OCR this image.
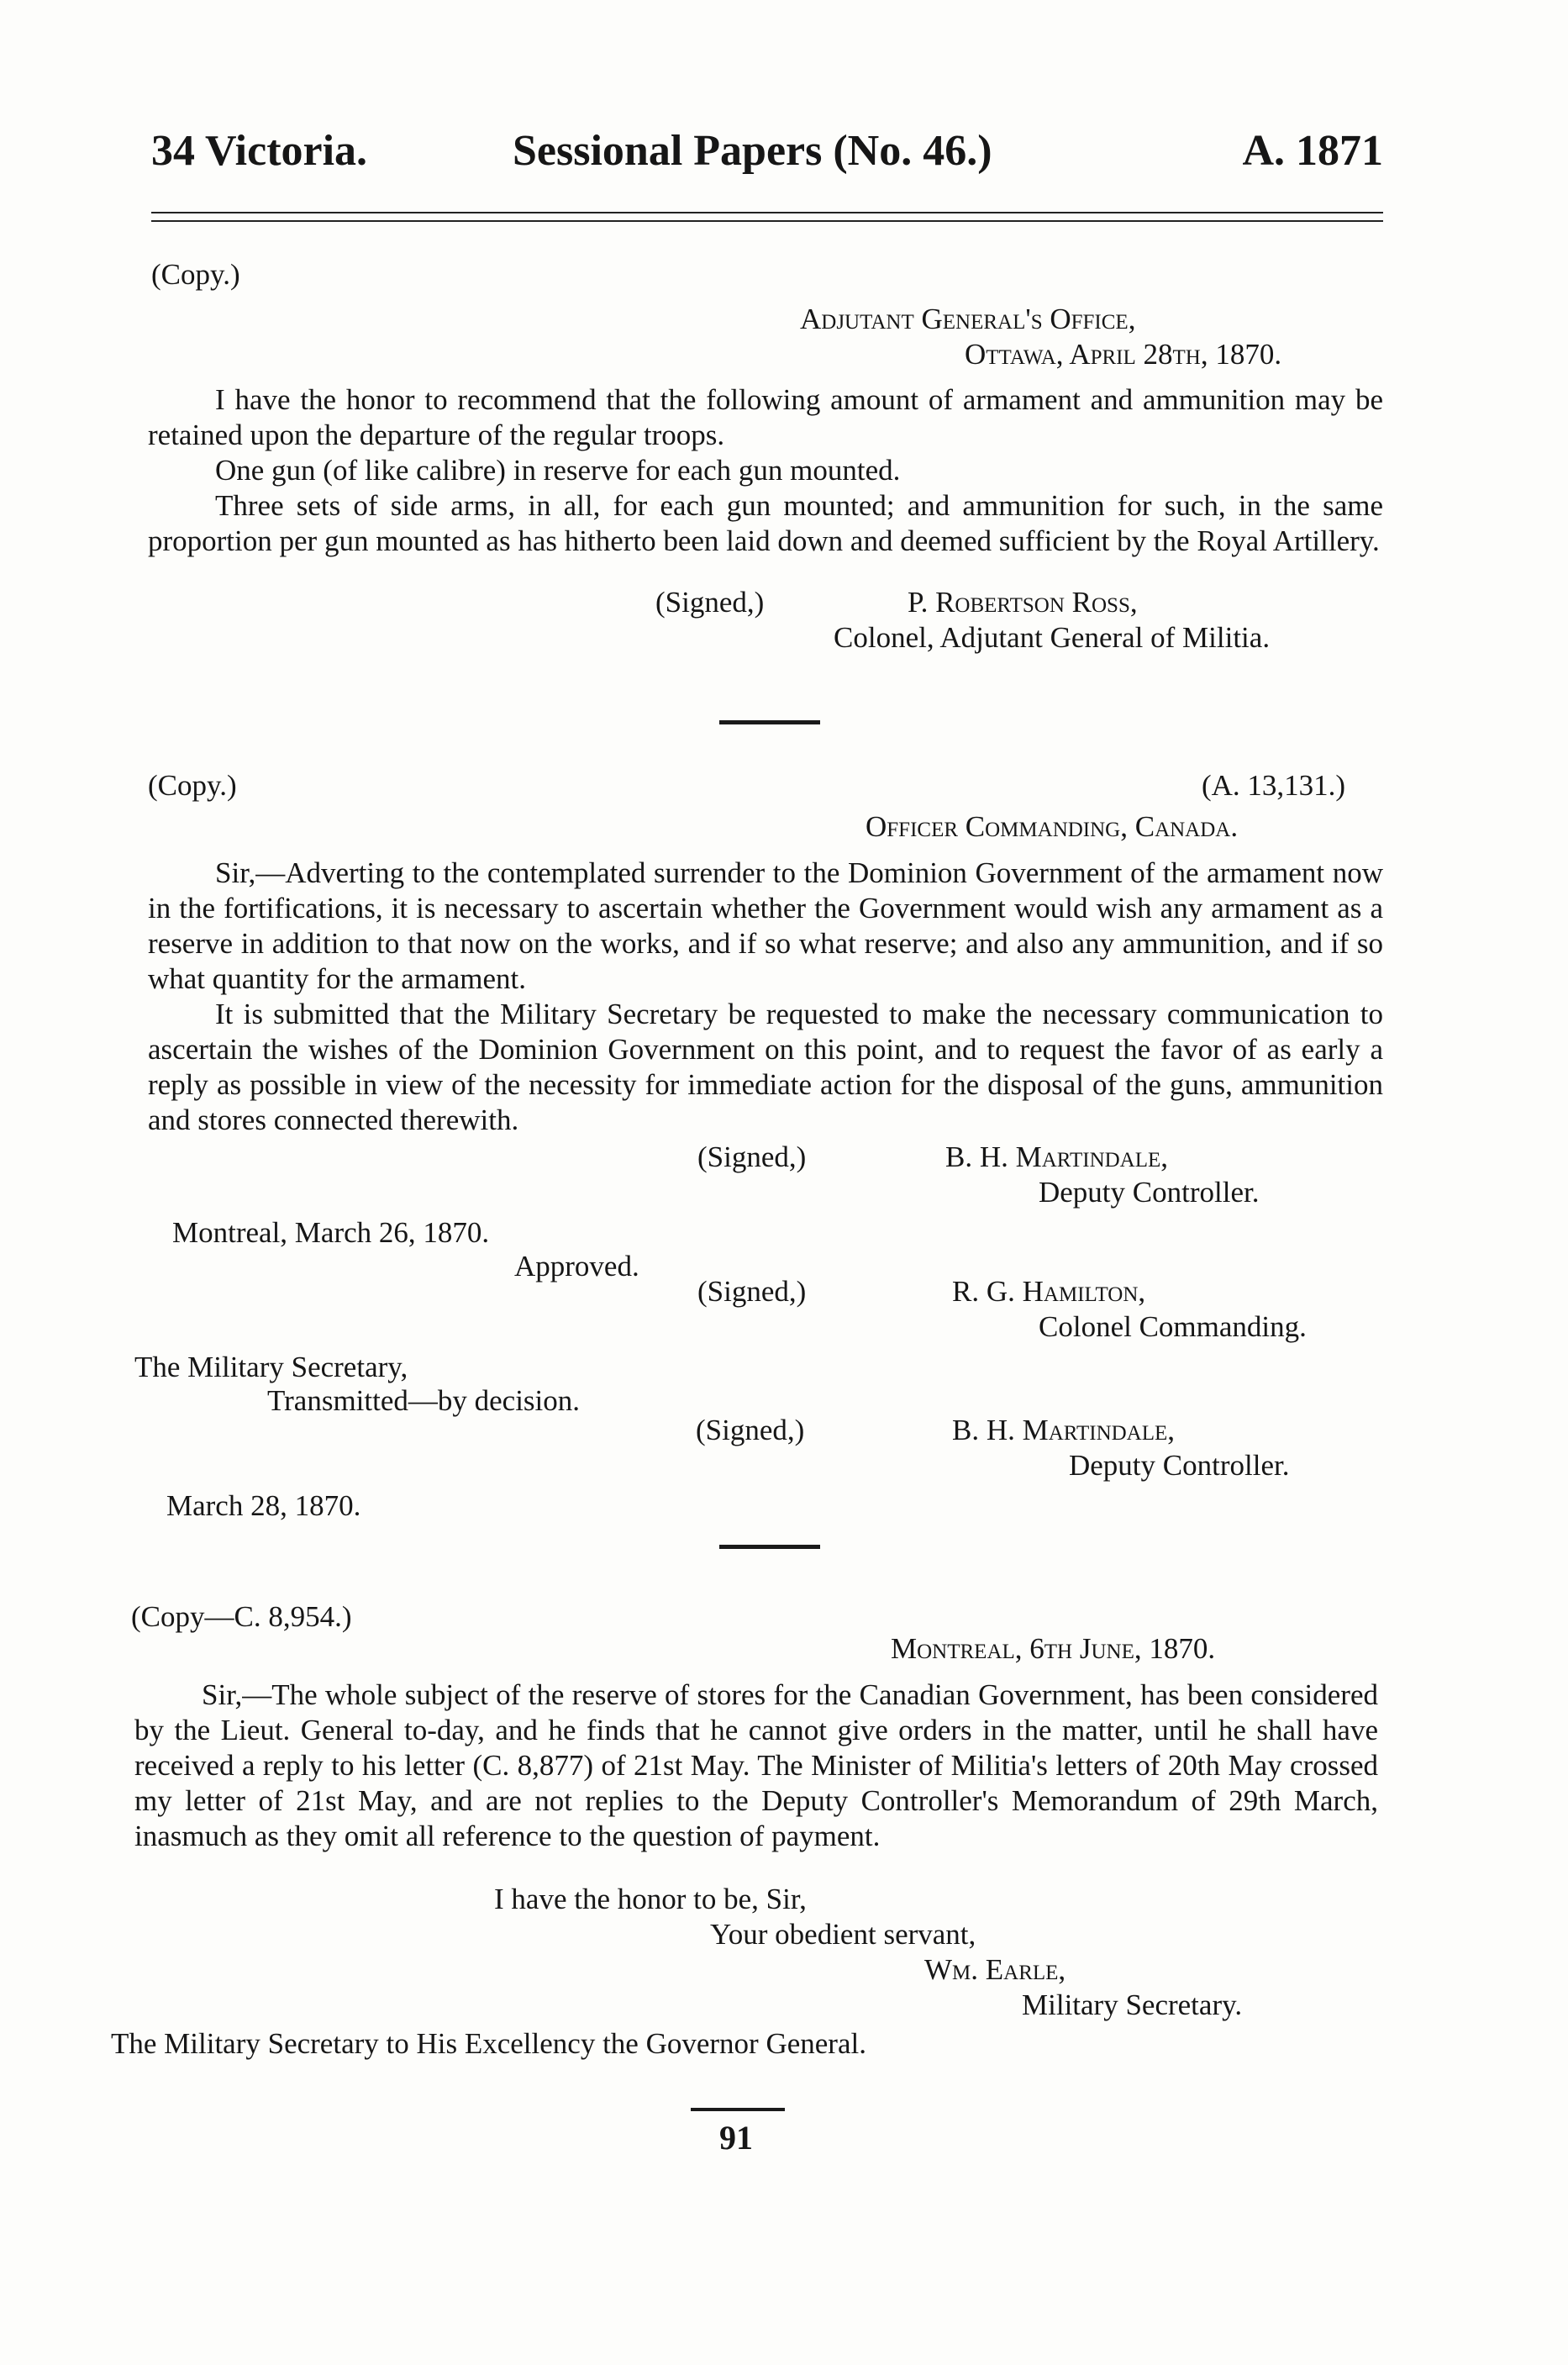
34 Victoria.	Sessional Papers (No. 46.)	A. 1871
(Copy.)
Adjutant General's Office,
Ottawa, April 28th, 1870.

I have the honor to recommend that the following amount of armament and ammunition may be retained upon the departure of the regular troops.

One gun (of like calibre) in reserve for each gun mounted.

Three sets of side arms, in all, for each gun mounted; and ammunition for such, in the same proportion per gun mounted as has hitherto been laid down and deemed sufficient by the Royal Artillery.

(Signed,)	P. Robertson Ross,
Colonel, Adjutant General of Militia.
(Copy.)	(A. 13,131.)
Officer Commanding, Canada.

Sir,—Adverting to the contemplated surrender to the Dominion Government of the armament now in the fortifications, it is necessary to ascertain whether the Government would wish any armament as a reserve in addition to that now on the works, and if so what reserve; and also any ammunition, and if so what quantity for the armament.

It is submitted that the Military Secretary be requested to make the necessary communication to ascertain the wishes of the Dominion Government on this point, and to request the favor of as early a reply as possible in view of the necessity for immediate action for the disposal of the guns, ammunition and stores connected therewith.

(Signed,)	B. H. Martindale,
Deputy Controller.
Montreal, March 26, 1870.
Approved.
(Signed,)	R. G. Hamilton,
Colonel Commanding.
The Military Secretary,
Transmitted—by decision.
(Signed,)	B. H. Martindale,
Deputy Controller.
March 28, 1870.
(Copy—C. 8,954.)
Montreal, 6th June, 1870.

Sir,—The whole subject of the reserve of stores for the Canadian Government, has been considered by the Lieut. General to-day, and he finds that he cannot give orders in the matter, until he shall have received a reply to his letter (C. 8,877) of 21st May. The Minister of Militia's letters of 20th May crossed my letter of 21st May, and are not replies to the Deputy Controller's Memorandum of 29th March, inasmuch as they omit all reference to the question of payment.

I have the honor to be, Sir,
Your obedient servant,
Wm. Earle,
Military Secretary.
The Military Secretary to His Excellency the Governor General.
91
